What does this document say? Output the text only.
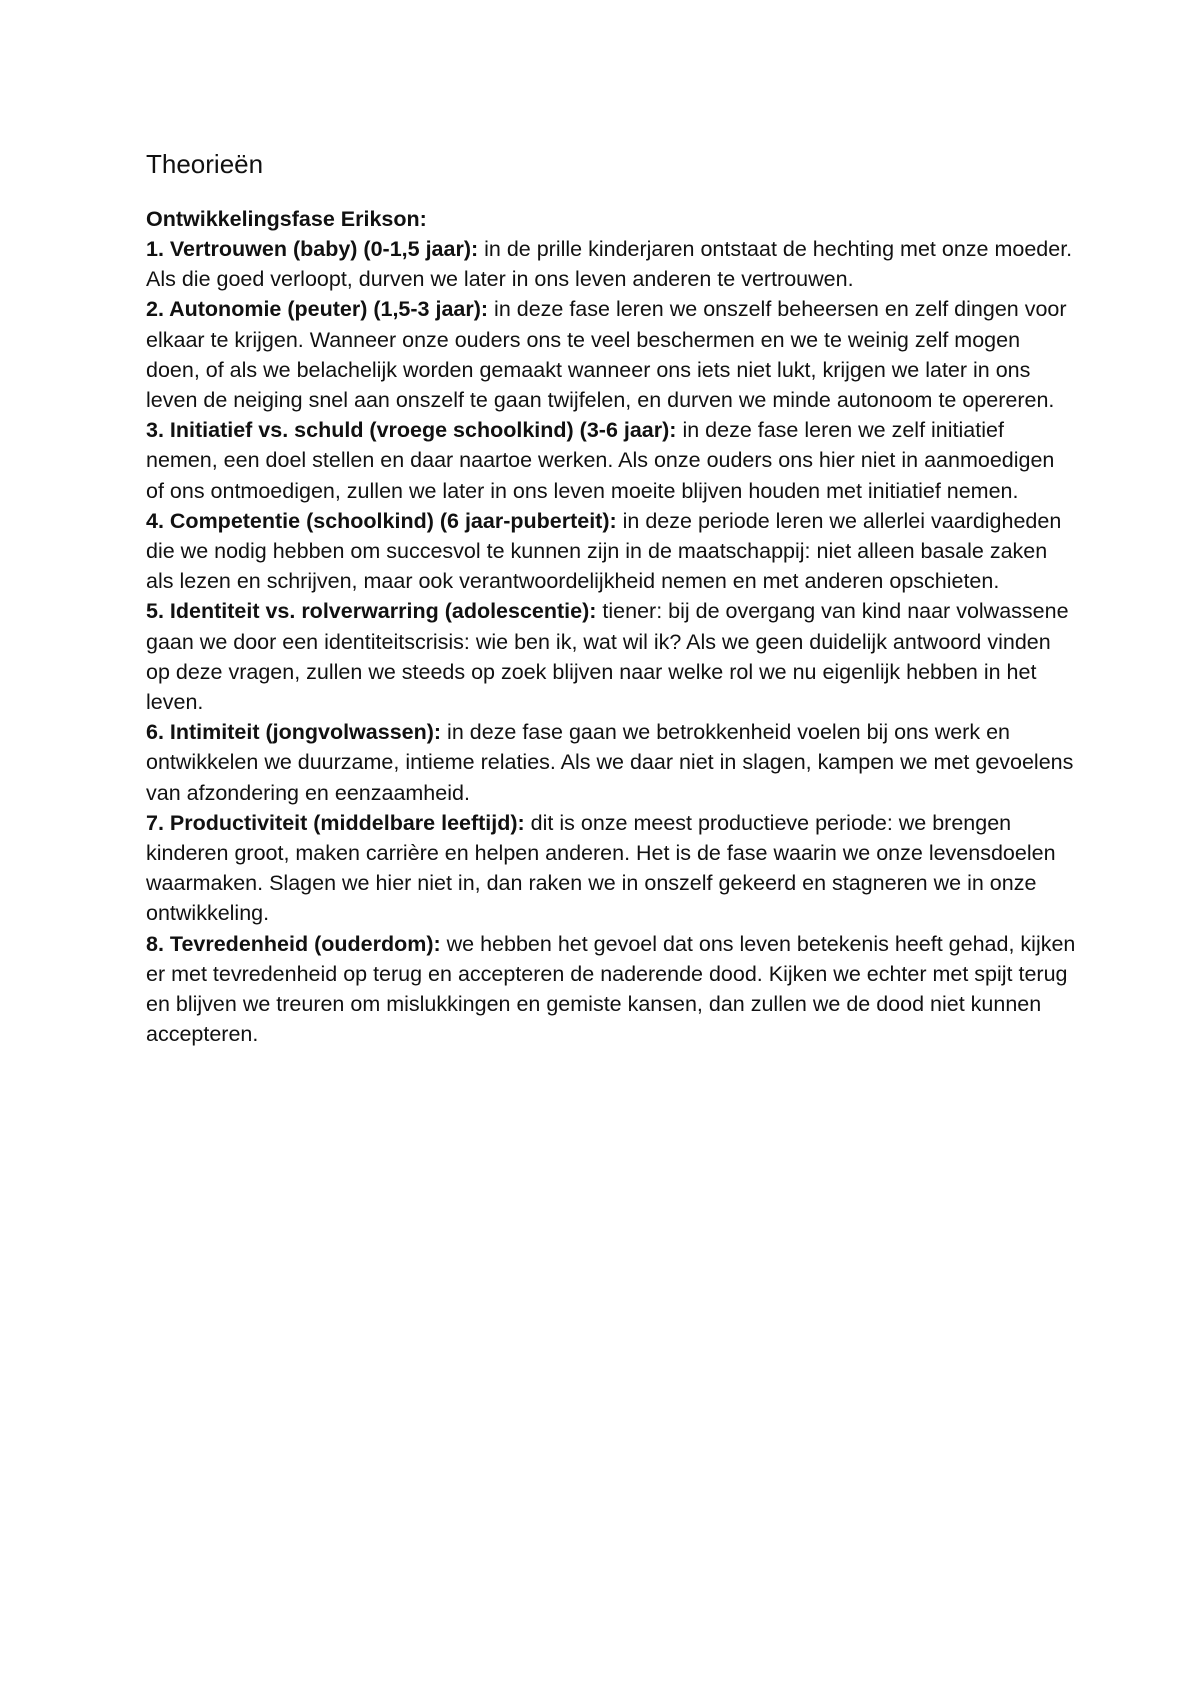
Theorieën

Ontwikkelingsfase Erikson:

1. Vertrouwen (baby) (0-1,5 jaar): in de prille kinderjaren ontstaat de hechting met onze moeder. Als die goed verloopt, durven we later in ons leven anderen te vertrouwen.

2. Autonomie (peuter) (1,5-3 jaar): in deze fase leren we onszelf beheersen en zelf dingen voor elkaar te krijgen. Wanneer onze ouders ons te veel beschermen en we te weinig zelf mogen doen, of als we belachelijk worden gemaakt wanneer ons iets niet lukt, krijgen we later in ons leven de neiging snel aan onszelf te gaan twijfelen, en durven we minde autonoom te opereren.

3. Initiatief vs. schuld (vroege schoolkind) (3-6 jaar): in deze fase leren we zelf initiatief nemen, een doel stellen en daar naartoe werken. Als onze ouders ons hier niet in aanmoedigen of ons ontmoedigen, zullen we later in ons leven moeite blijven houden met initiatief nemen.

4. Competentie (schoolkind) (6 jaar-puberteit): in deze periode leren we allerlei vaardigheden die we nodig hebben om succesvol te kunnen zijn in de maatschappij: niet alleen basale zaken als lezen en schrijven, maar ook verantwoordelijkheid nemen en met anderen opschieten.

5. Identiteit vs. rolverwarring (adolescentie): tiener: bij de overgang van kind naar volwassene gaan we door een identiteitscrisis: wie ben ik, wat wil ik? Als we geen duidelijk antwoord vinden op deze vragen, zullen we steeds op zoek blijven naar welke rol we nu eigenlijk hebben in het leven.

6. Intimiteit (jongvolwassen): in deze fase gaan we betrokkenheid voelen bij ons werk en ontwikkelen we duurzame, intieme relaties. Als we daar niet in slagen, kampen we met gevoelens van afzondering en eenzaamheid.

7. Productiviteit (middelbare leeftijd): dit is onze meest productieve periode: we brengen kinderen groot, maken carrière en helpen anderen. Het is de fase waarin we onze levensdoelen waarmaken. Slagen we hier niet in, dan raken we in onszelf gekeerd en stagneren we in onze ontwikkeling.

8. Tevredenheid (ouderdom): we hebben het gevoel dat ons leven betekenis heeft gehad, kijken er met tevredenheid op terug en accepteren de naderende dood. Kijken we echter met spijt terug en blijven we treuren om mislukkingen en gemiste kansen, dan zullen we de dood niet kunnen accepteren.
